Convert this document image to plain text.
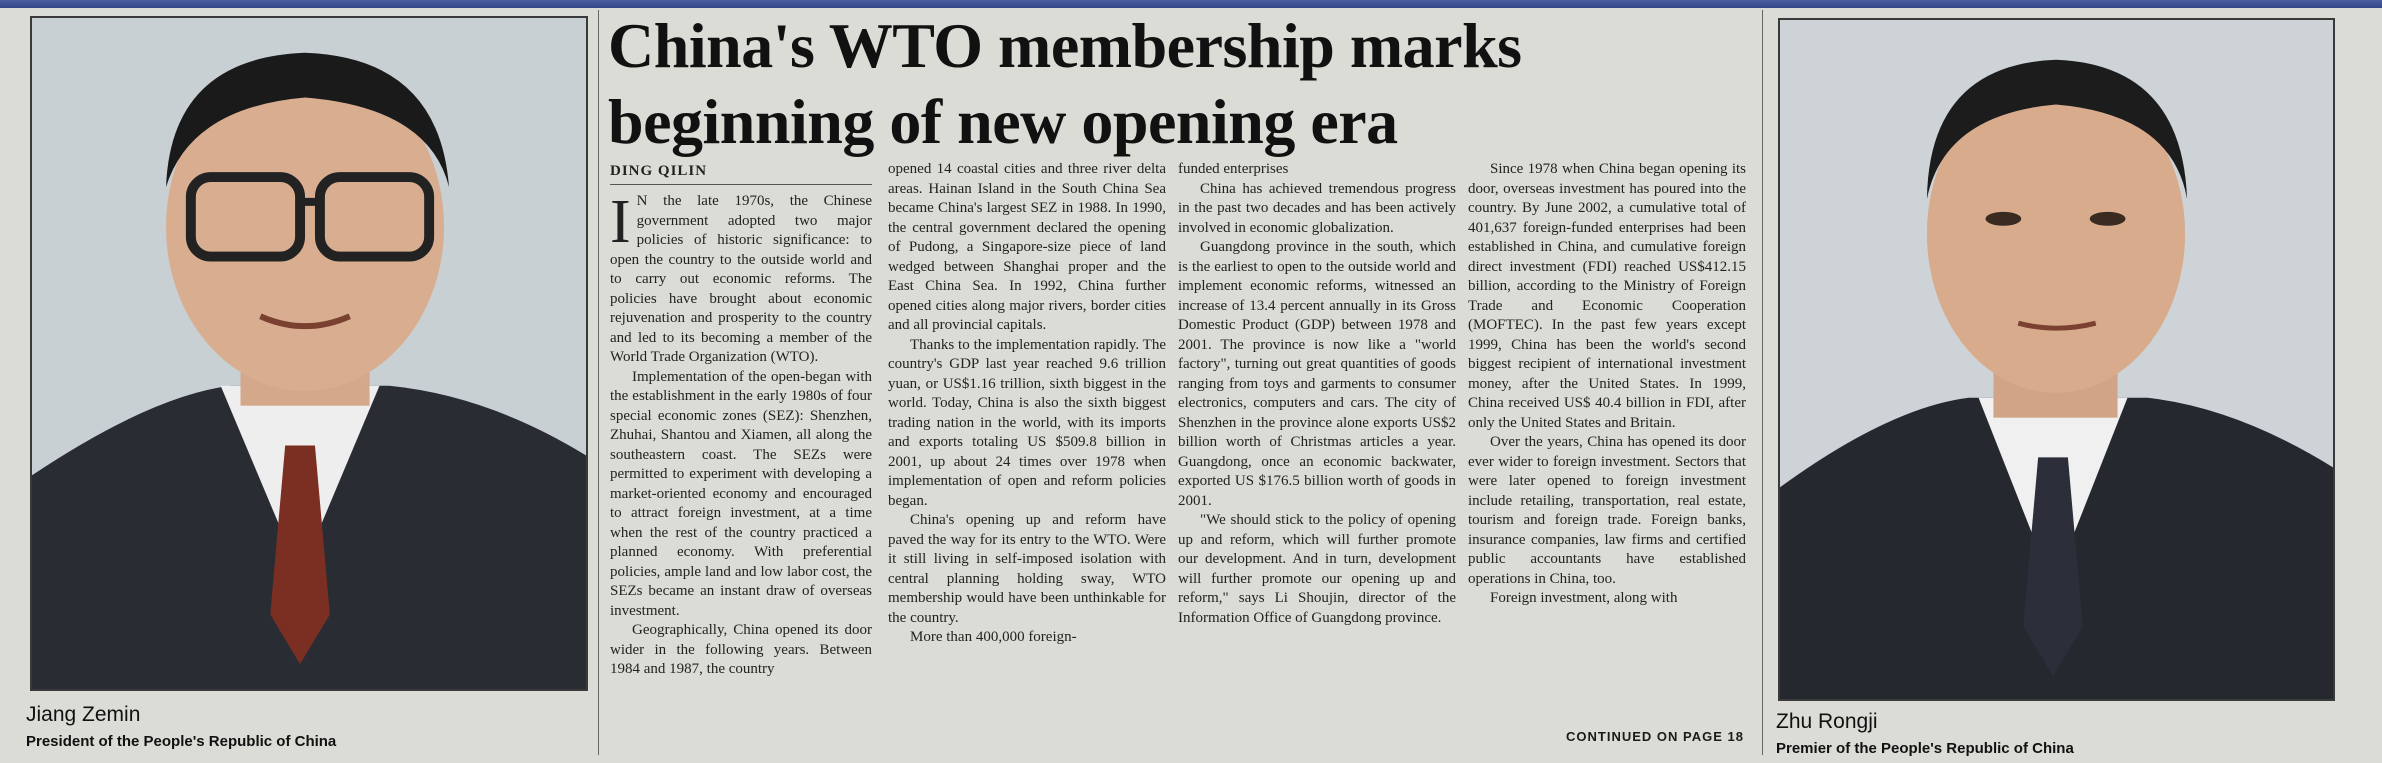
Jiang Zemin
President of the People's Republic of China
China's WTO membership marks beginning of new opening era
DING QILIN

I N the late 1970s, the Chinese government adopted two major policies of historic significance: to open the country to the outside world and to carry out economic reforms. The policies have brought about economic rejuvenation and prosperity to the country and led to its becoming a member of the World Trade Organization (WTO).

Implementation of the open-began with the establishment in the early 1980s of four special economic zones (SEZ): Shenzhen, Zhuhai, Shantou and Xiamen, all along the southeastern coast. The SEZs were permitted to experiment with developing a market-oriented economy and encouraged to attract foreign investment, at a time when the rest of the country practiced a planned economy. With preferential policies, ample land and low labor cost, the SEZs became an instant draw of overseas investment.

Geographically, China opened its door wider in the following years. Between 1984 and 1987, the country

opened 14 coastal cities and three river delta areas. Hainan Island in the South China Sea became China's largest SEZ in 1988. In 1990, the central government declared the opening of Pudong, a Singapore-size piece of land wedged between Shanghai proper and the East China Sea. In 1992, China further opened cities along major rivers, border cities and all provincial capitals.

Thanks to the implementation rapidly. The country's GDP last year reached 9.6 trillion yuan, or US$1.16 trillion, sixth biggest in the world. Today, China is also the sixth biggest trading nation in the world, with its imports and exports totaling US $509.8 billion in 2001, up about 24 times over 1978 when implementation of open and reform policies began.

China's opening up and reform have paved the way for its entry to the WTO. Were it still living in self-imposed isolation with central planning holding sway, WTO membership would have been unthinkable for the country.

More than 400,000 foreign-

funded enterprises

China has achieved tremendous progress in the past two decades and has been actively involved in economic globalization.

Guangdong province in the south, which is the earliest to open to the outside world and implement economic reforms, witnessed an increase of 13.4 percent annually in its Gross Domestic Product (GDP) between 1978 and 2001. The province is now like a "world factory", turning out great quantities of goods ranging from toys and garments to consumer electronics, computers and cars. The city of Shenzhen in the province alone exports US$2 billion worth of Christmas articles a year. Guangdong, once an economic backwater, exported US $176.5 billion worth of goods in 2001.

"We should stick to the policy of opening up and reform, which will further promote our development. And in turn, development will further promote our opening up and reform," says Li Shoujin, director of the Information Office of Guangdong province.

Since 1978 when China began opening its door, overseas investment has poured into the country. By June 2002, a cumulative total of 401,637 foreign-funded enterprises had been established in China, and cumulative foreign direct investment (FDI) reached US$412.15 billion, according to the Ministry of Foreign Trade and Economic Cooperation (MOFTEC). In the past few years except 1999, China has been the world's second biggest recipient of international investment money, after the United States. In 1999, China received US$ 40.4 billion in FDI, after only the United States and Britain.

Over the years, China has opened its door ever wider to foreign investment. Sectors that were later opened to foreign investment include retailing, transportation, real estate, tourism and foreign trade. Foreign banks, insurance companies, law firms and certified public accountants have established operations in China, too.

Foreign investment, along with

CONTINUED ON PAGE 18
Zhu Rongji
Premier of the People's Republic of China
